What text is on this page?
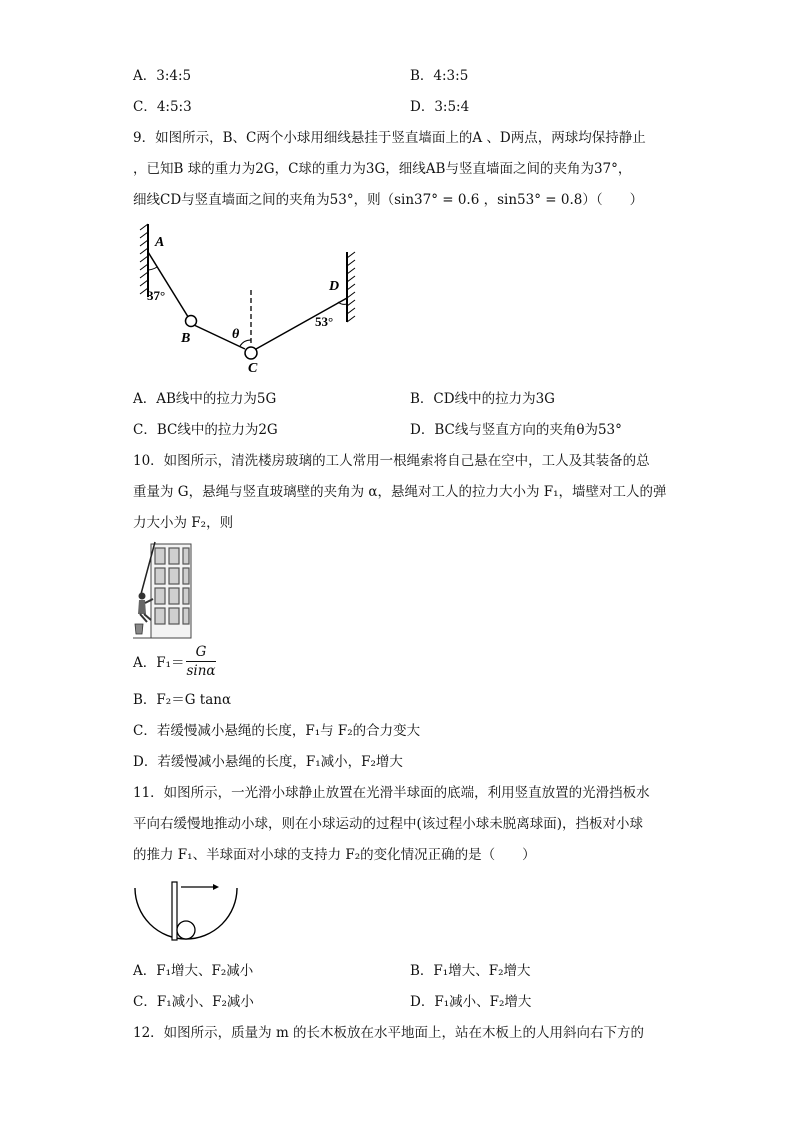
A．3:4:5	B．4:3:5
C．4:5:3	D．3:5:4
9．如图所示，B、C两个小球用细线悬挂于竖直墙面上的A 、D两点，两球均保持静止
，已知B 球的重力为2G，C球的重力为3G，细线AB与竖直墙面之间的夹角为37°，
细线CD与竖直墙面之间的夹角为53°，则（sin37° = 0.6 ，sin53° = 0.8）（　　）
A
37°
B	θ
C
D
53°
A．AB线中的拉力为5G	B．CD线中的拉力为3G
C．BC线中的拉力为2G	D．BC线与竖直方向的夹角θ为53°
10．如图所示，清洗楼房玻璃的工人常用一根绳索将自己悬在空中，工人及其装备的总
重量为 G，悬绳与竖直玻璃壁的夹角为 α，悬绳对工人的拉力大小为 F₁，墙壁对工人的弹
力大小为 F₂，则
A．F₁＝
G
sinα
B．F₂＝G tanα
C．若缓慢减小悬绳的长度，F₁与 F₂的合力变大
D．若缓慢减小悬绳的长度，F₁减小，F₂增大
11．如图所示，一光滑小球静止放置在光滑半球面的底端，利用竖直放置的光滑挡板水
平向右缓慢地推动小球，则在小球运动的过程中(该过程小球未脱离球面)，挡板对小球
的推力 F₁、半球面对小球的支持力 F₂的变化情况正确的是（　　）
A．F₁增大、F₂减小	B．F₁增大、F₂增大
C．F₁减小、F₂减小	D．F₁减小、F₂增大
12．如图所示，质量为 m 的长木板放在水平地面上，站在木板上的人用斜向右下方的
